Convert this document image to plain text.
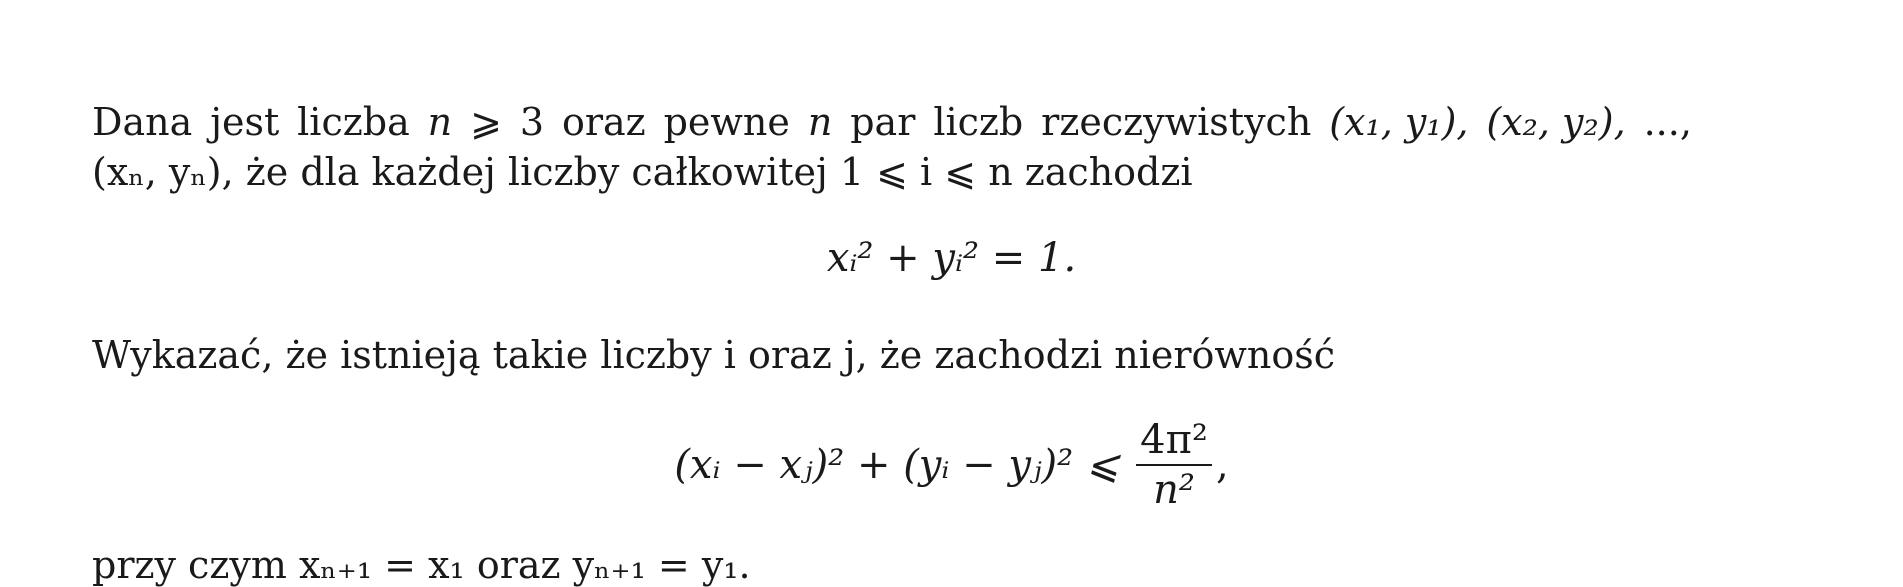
Dana jest liczba n ⩾ 3 oraz pewne n par liczb rzeczywistych (x₁, y₁), (x₂, y₂), ...,
(xₙ, yₙ), że dla każdej liczby całkowitej 1 ⩽ i ⩽ n zachodzi
xᵢ² + yᵢ² = 1.
Wykazać, że istnieją takie liczby i oraz j, że zachodzi nierówność
(xᵢ − xⱼ)² + (yᵢ − yⱼ)² ⩽ $\frac{\text{4π²}}{\text{n²}}$ ,
przy czym xₙ₊₁ = x₁ oraz yₙ₊₁ = y₁.
